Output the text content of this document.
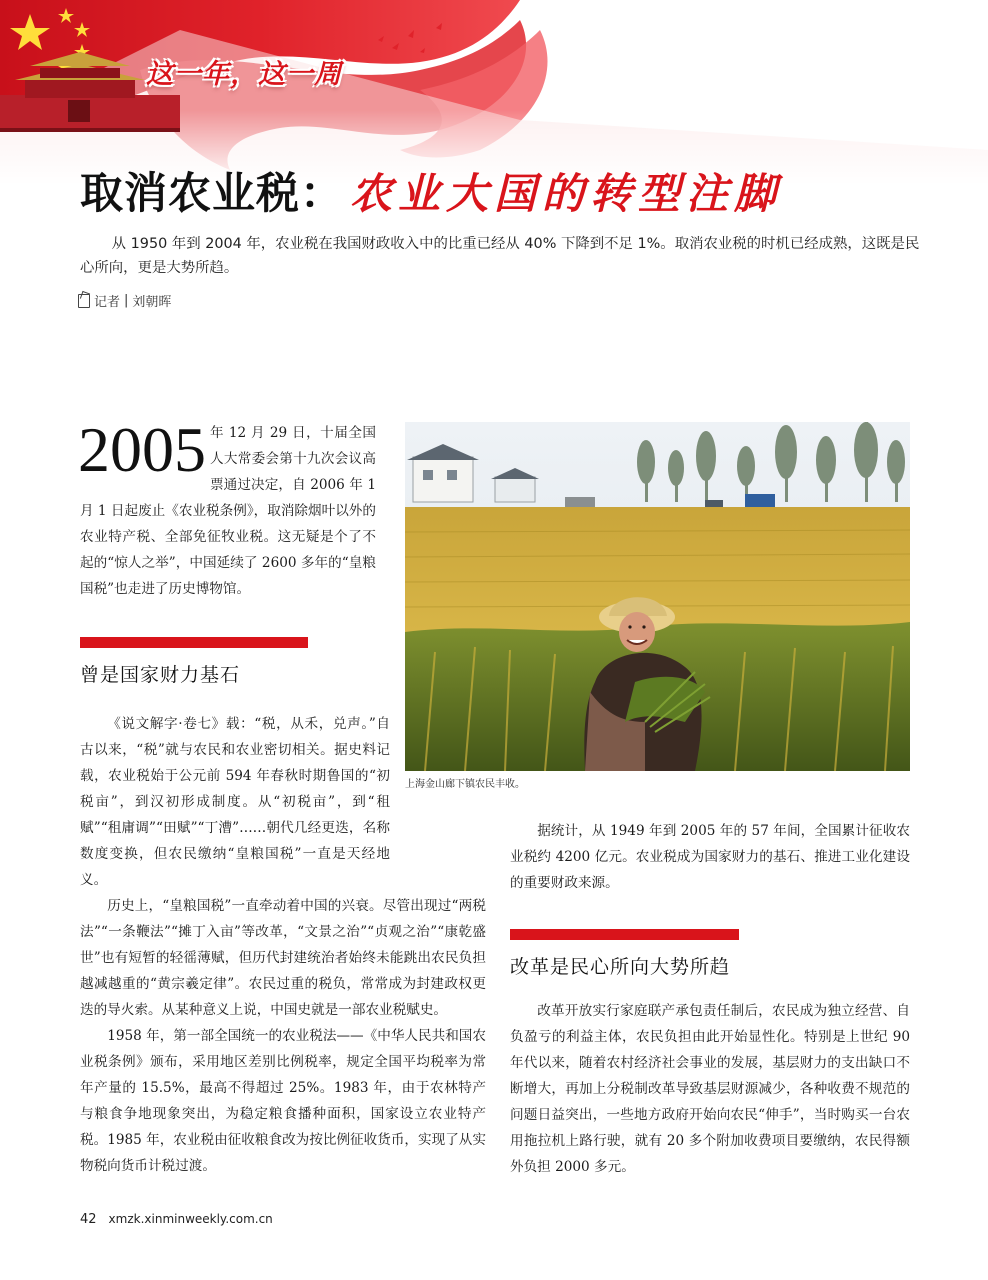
这一年，这一周
取消农业税： 农业大国的转型注脚
从 1950 年到 2004 年，农业税在我国财政收入中的比重已经从 40% 下降到不足 1%。取消农业税的时机已经成熟，这既是民心所向，更是大势所趋。
记者 | 刘朝晖
2005 年 12 月 29 日，十届全国人大常委会第十九次会议高票通过决定，自 2006 年 1 月 1 日起废止《农业税条例》，取消除烟叶以外的农业特产税、全部免征牧业税。这无疑是个了不起的“惊人之举”，中国延续了 2600 多年的“皇粮国税”也走进了历史博物馆。
曾是国家财力基石

《说文解字·卷七》载：“税，从禾，兑声。”自古以来，“税”就与农民和农业密切相关。据史料记载，农业税始于公元前 594 年春秋时期鲁国的“初税亩”，到汉初形成制度。从“初税亩”，到“租赋”“租庸调”“田赋”“丁漕”……朝代几经更迭，名称数度变换，但农民缴纳“皇粮国税”一直是天经地义。

历史上，“皇粮国税”一直牵动着中国的兴衰。尽管出现过“两税法”“一条鞭法”“摊丁入亩”等改革，“文景之治”“贞观之治”“康乾盛世”也有短暂的轻徭薄赋，但历代封建统治者始终未能跳出农民负担越减越重的“黄宗羲定律”。农民过重的税负，常常成为封建政权更迭的导火索。从某种意义上说，中国史就是一部农业税赋史。

1958 年，第一部全国统一的农业税法——《中华人民共和国农业税条例》颁布，采用地区差别比例税率，规定全国平均税率为常年产量的 15.5%，最高不得超过 25%。1983 年，由于农林特产与粮食争地现象突出，为稳定粮食播种面积，国家设立农业特产税。1985 年，农业税由征收粮食改为按比例征收货币，实现了从实物税向货币计税过渡。

上海金山廊下镇农民丰收。

据统计，从 1949 年到 2005 年的 57 年间，全国累计征收农业税约 4200 亿元。农业税成为国家财力的基石、推进工业化建设的重要财政来源。

改革是民心所向大势所趋

改革开放实行家庭联产承包责任制后，农民成为独立经营、自负盈亏的利益主体，农民负担由此开始显性化。特别是上世纪 90 年代以来，随着农村经济社会事业的发展，基层财力的支出缺口不断增大，再加上分税制改革导致基层财源减少，各种收费不规范的问题日益突出，一些地方政府开始向农民“伸手”，当时购买一台农用拖拉机上路行驶，就有 20 多个附加收费项目要缴纳，农民得额外负担 2000 多元。

42 xmzk.xinminweekly.com.cn
